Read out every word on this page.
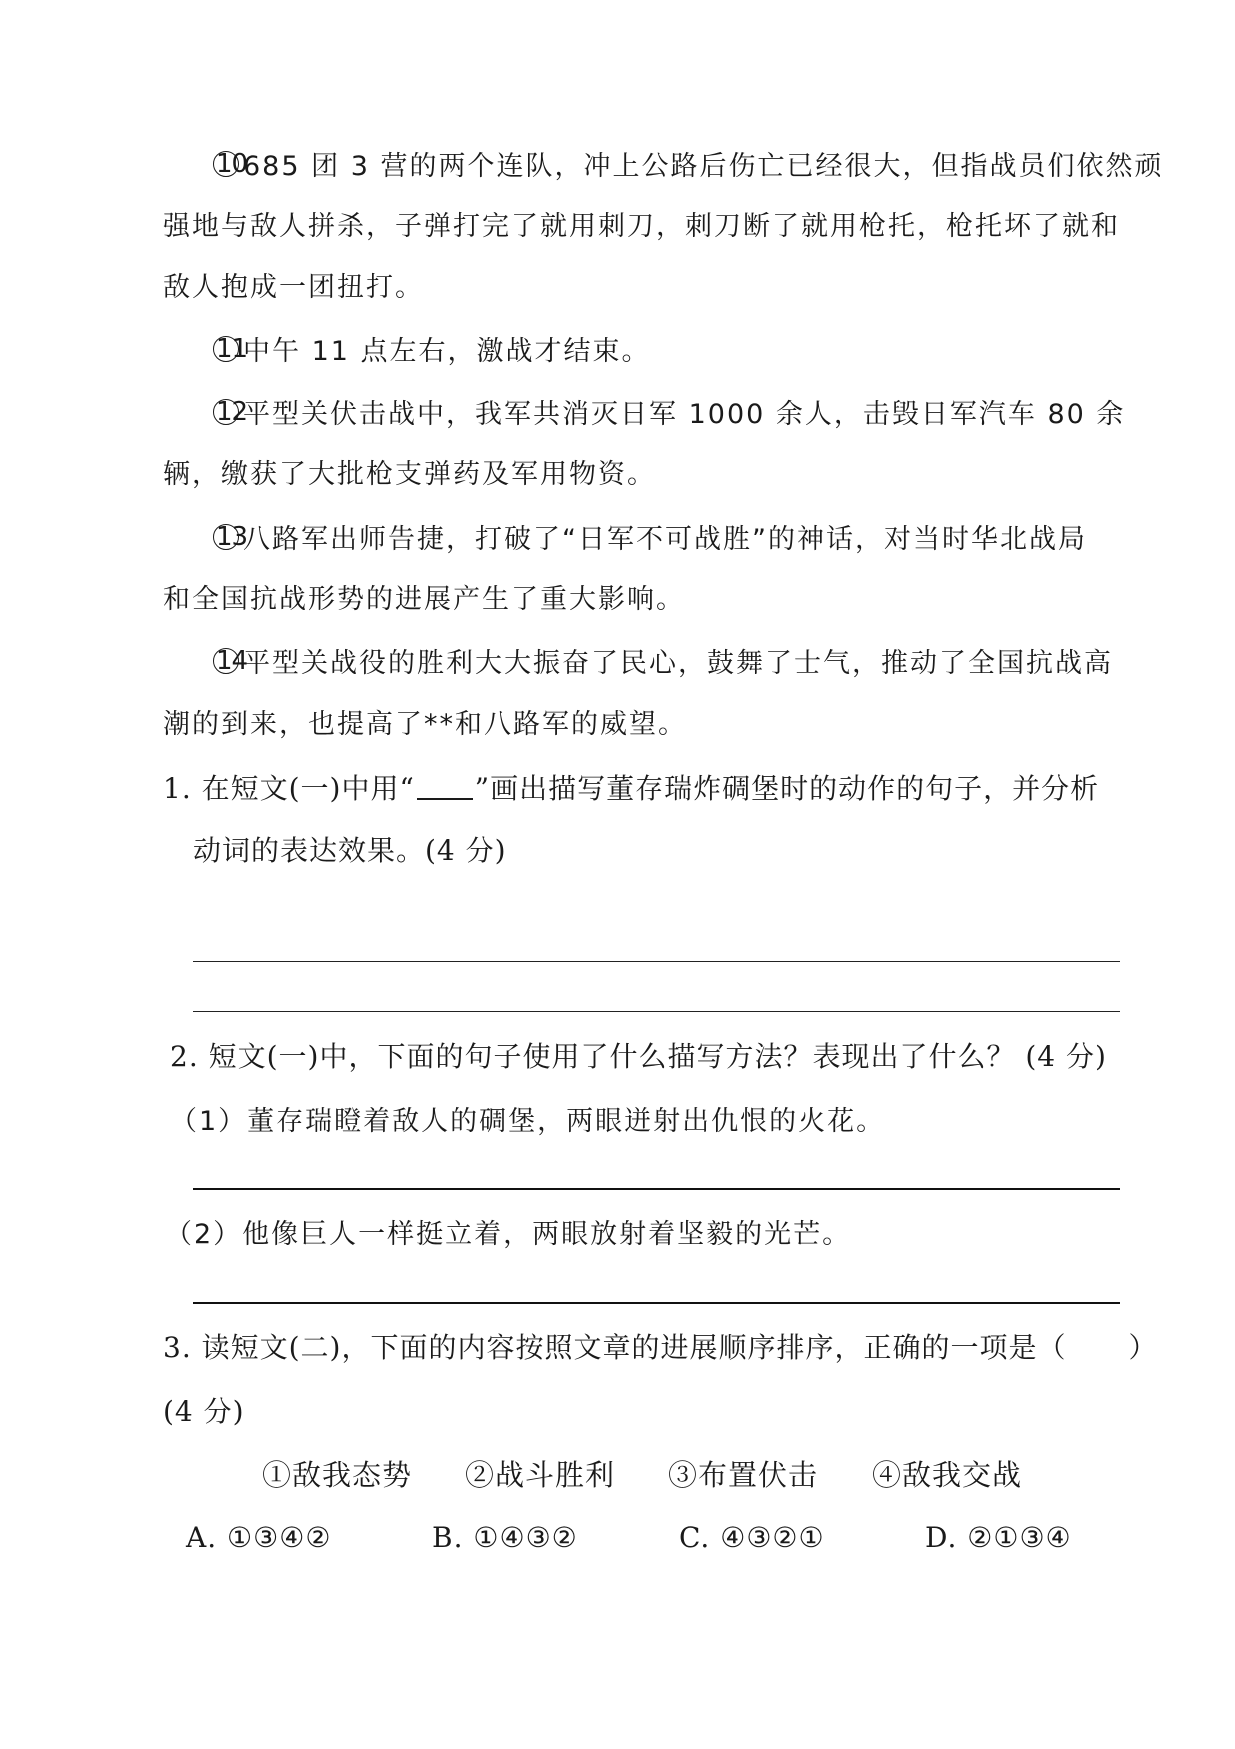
10
685 团 3 营的两个连队，冲上公路后伤亡已经很大，但指战员们依然顽
强地与敌人拼杀，子弹打完了就用刺刀，刺刀断了就用枪托，枪托坏了就和
敌人抱成一团扭打。
11
中午 11 点左右，激战才结束。
12
平型关伏击战中，我军共消灭日军 1000 余人，击毁日军汽车 80 余
辆，缴获了大批枪支弹药及军用物资。
13
八路军出师告捷，打破了“日军不可战胜”的神话，对当时华北战局
和全国抗战形势的进展产生了重大影响。
14
平型关战役的胜利大大振奋了民心，鼓舞了士气，推动了全国抗战高
潮的到来，也提高了**和八路军的威望。
1. 在短文(一)中用“ ”画出描写董存瑞炸碉堡时的动作的句子，并分析
动词的表达效果。(4 分)
2. 短文(一)中，下面的句子使用了什么描写方法？表现出了什么？ (4 分)
（1）董存瑞瞪着敌人的碉堡，两眼迸射出仇恨的火花。
（2）他像巨人一样挺立着，两眼放射着坚毅的光芒。
3. 读短文(二)，下面的内容按照文章的进展顺序排序，正确的一项是（ ）
(4 分)
①敌我态势 ②战斗胜利 ③布置伏击 ④敌我交战
A. ①③④②	B. ①④③②	C. ④③②①	D. ②①③④
